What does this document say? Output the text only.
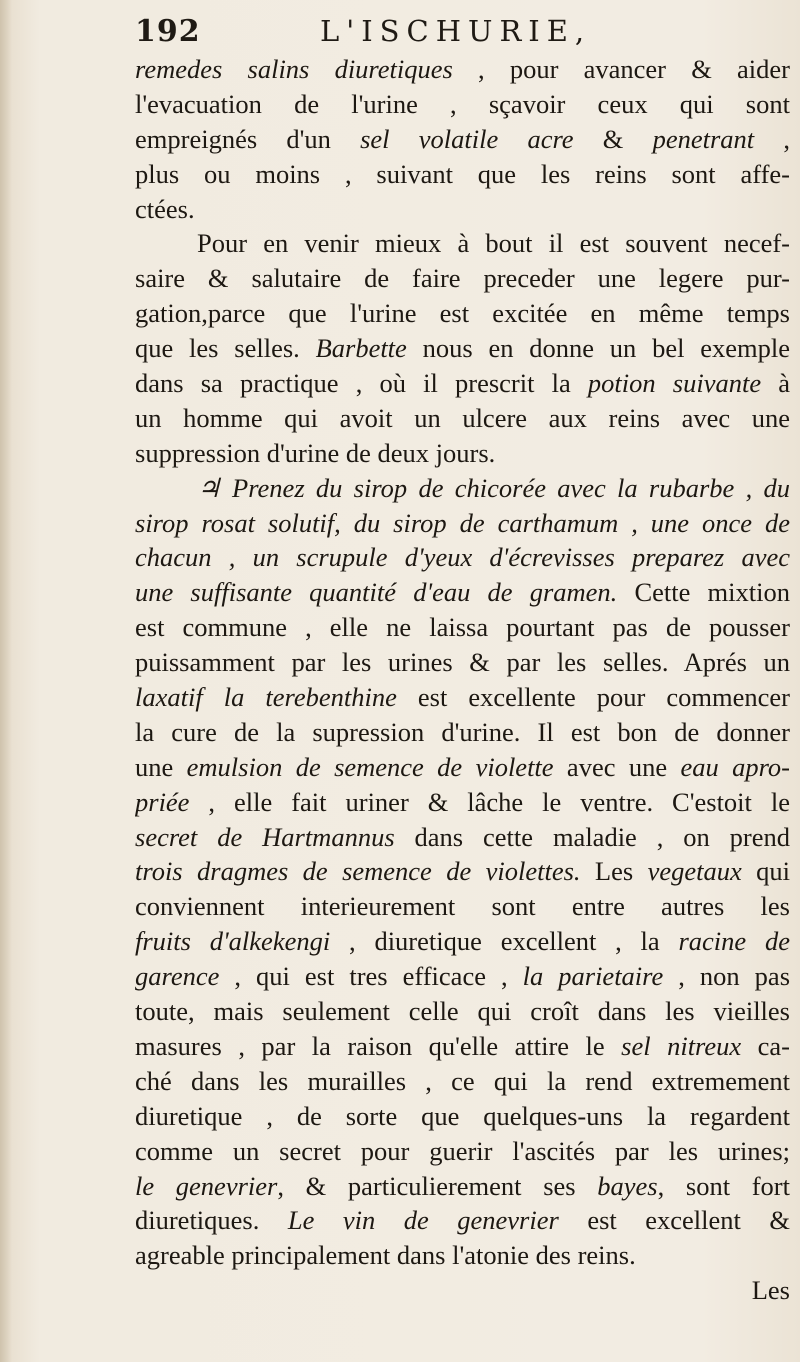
192	L'ISCHURIE,
remedes salins diuretiques , pour avancer & aider
l'evacuation de l'urine , sçavoir ceux qui sont
empreignés d'un sel volatile acre & penetrant ,
plus ou moins , suivant que les reins sont affe-
ctées.
Pour en venir mieux à bout il est souvent necef-
saire & salutaire de faire preceder une legere pur-
gation,parce que l'urine est excitée en même temps
que les selles. Barbette nous en donne un bel exemple
dans sa practique , où il prescrit la potion suivante à
un homme qui avoit un ulcere aux reins avec une
suppression d'urine de deux jours.
♃ Prenez du sirop de chicorée avec la rubarbe , du
sirop rosat solutif, du sirop de carthamum , une once de
chacun , un scrupule d'yeux d'écrevisses preparez avec
une suffisante quantité d'eau de gramen. Cette mixtion
est commune , elle ne laissa pourtant pas de pousser
puissamment par les urines & par les selles. Aprés un
laxatif la terebenthine est excellente pour commencer
la cure de la supression d'urine. Il est bon de donner
une emulsion de semence de violette avec une eau apro-
priée , elle fait uriner & lâche le ventre. C'estoit le
secret de Hartmannus dans cette maladie , on prend
trois dragmes de semence de violettes. Les vegetaux qui
conviennent interieurement sont entre autres les
fruits d'alkekengi , diuretique excellent , la racine de
garence , qui est tres efficace , la parietaire , non pas
toute, mais seulement celle qui croît dans les vieilles
masures , par la raison qu'elle attire le sel nitreux ca-
ché dans les murailles , ce qui la rend extremement
diuretique , de sorte que quelques-uns la regardent
comme un secret pour guerir l'ascités par les urines;
le genevrier, & particulierement ses bayes, sont fort
diuretiques. Le vin de genevrier est excellent &
agreable principalement dans l'atonie des reins.
Les
